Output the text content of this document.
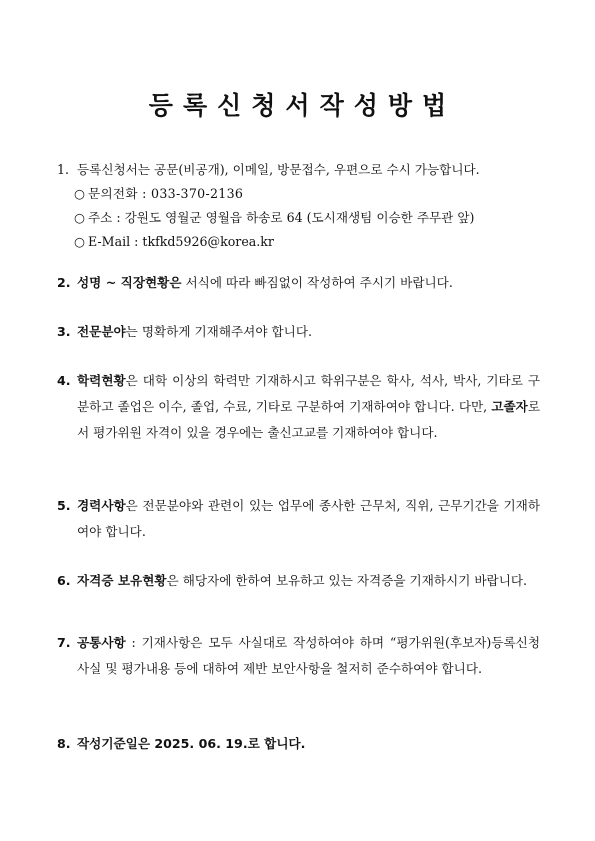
등 록 신 청 서 작 성 방 법
1. 등록신청서는 공문(비공개), 이메일, 방문접수, 우편으로 수시 가능합니다.
○ 문의전화 : 033-370-2136
○ 주소 : 강원도 영월군 영월읍 하송로 64 (도시재생팀 이승한 주무관 앞)
○ E-Mail : tkfkd5926@korea.kr
2. 성명 ~ 직장현황은 서식에 따라 빠짐없이 작성하여 주시기 바랍니다.
3. 전문분야는 명확하게 기재해주셔야 합니다.
4. 학력현황은 대학 이상의 학력만 기재하시고 학위구분은 학사, 석사, 박사, 기타로 구분하고 졸업은 이수, 졸업, 수료, 기타로 구분하여 기재하여야 합니다. 다만, 고졸자로서 평가위원 자격이 있을 경우에는 출신고교를 기재하여야 합니다.
5. 경력사항은 전문분야와 관련이 있는 업무에 종사한 근무처, 직위, 근무기간을 기재하여야 합니다.
6. 자격증 보유현황은 해당자에 한하여 보유하고 있는 자격증을 기재하시기 바랍니다.
7. 공통사항 : 기재사항은 모두 사실대로 작성하여야 하며 “평가위원(후보자)등록신청 사실 및 평가내용 등에 대하여 제반 보안사항을 철저히 준수하여야 합니다.
8. 작성기준일은 2025. 06. 19.로 합니다.
